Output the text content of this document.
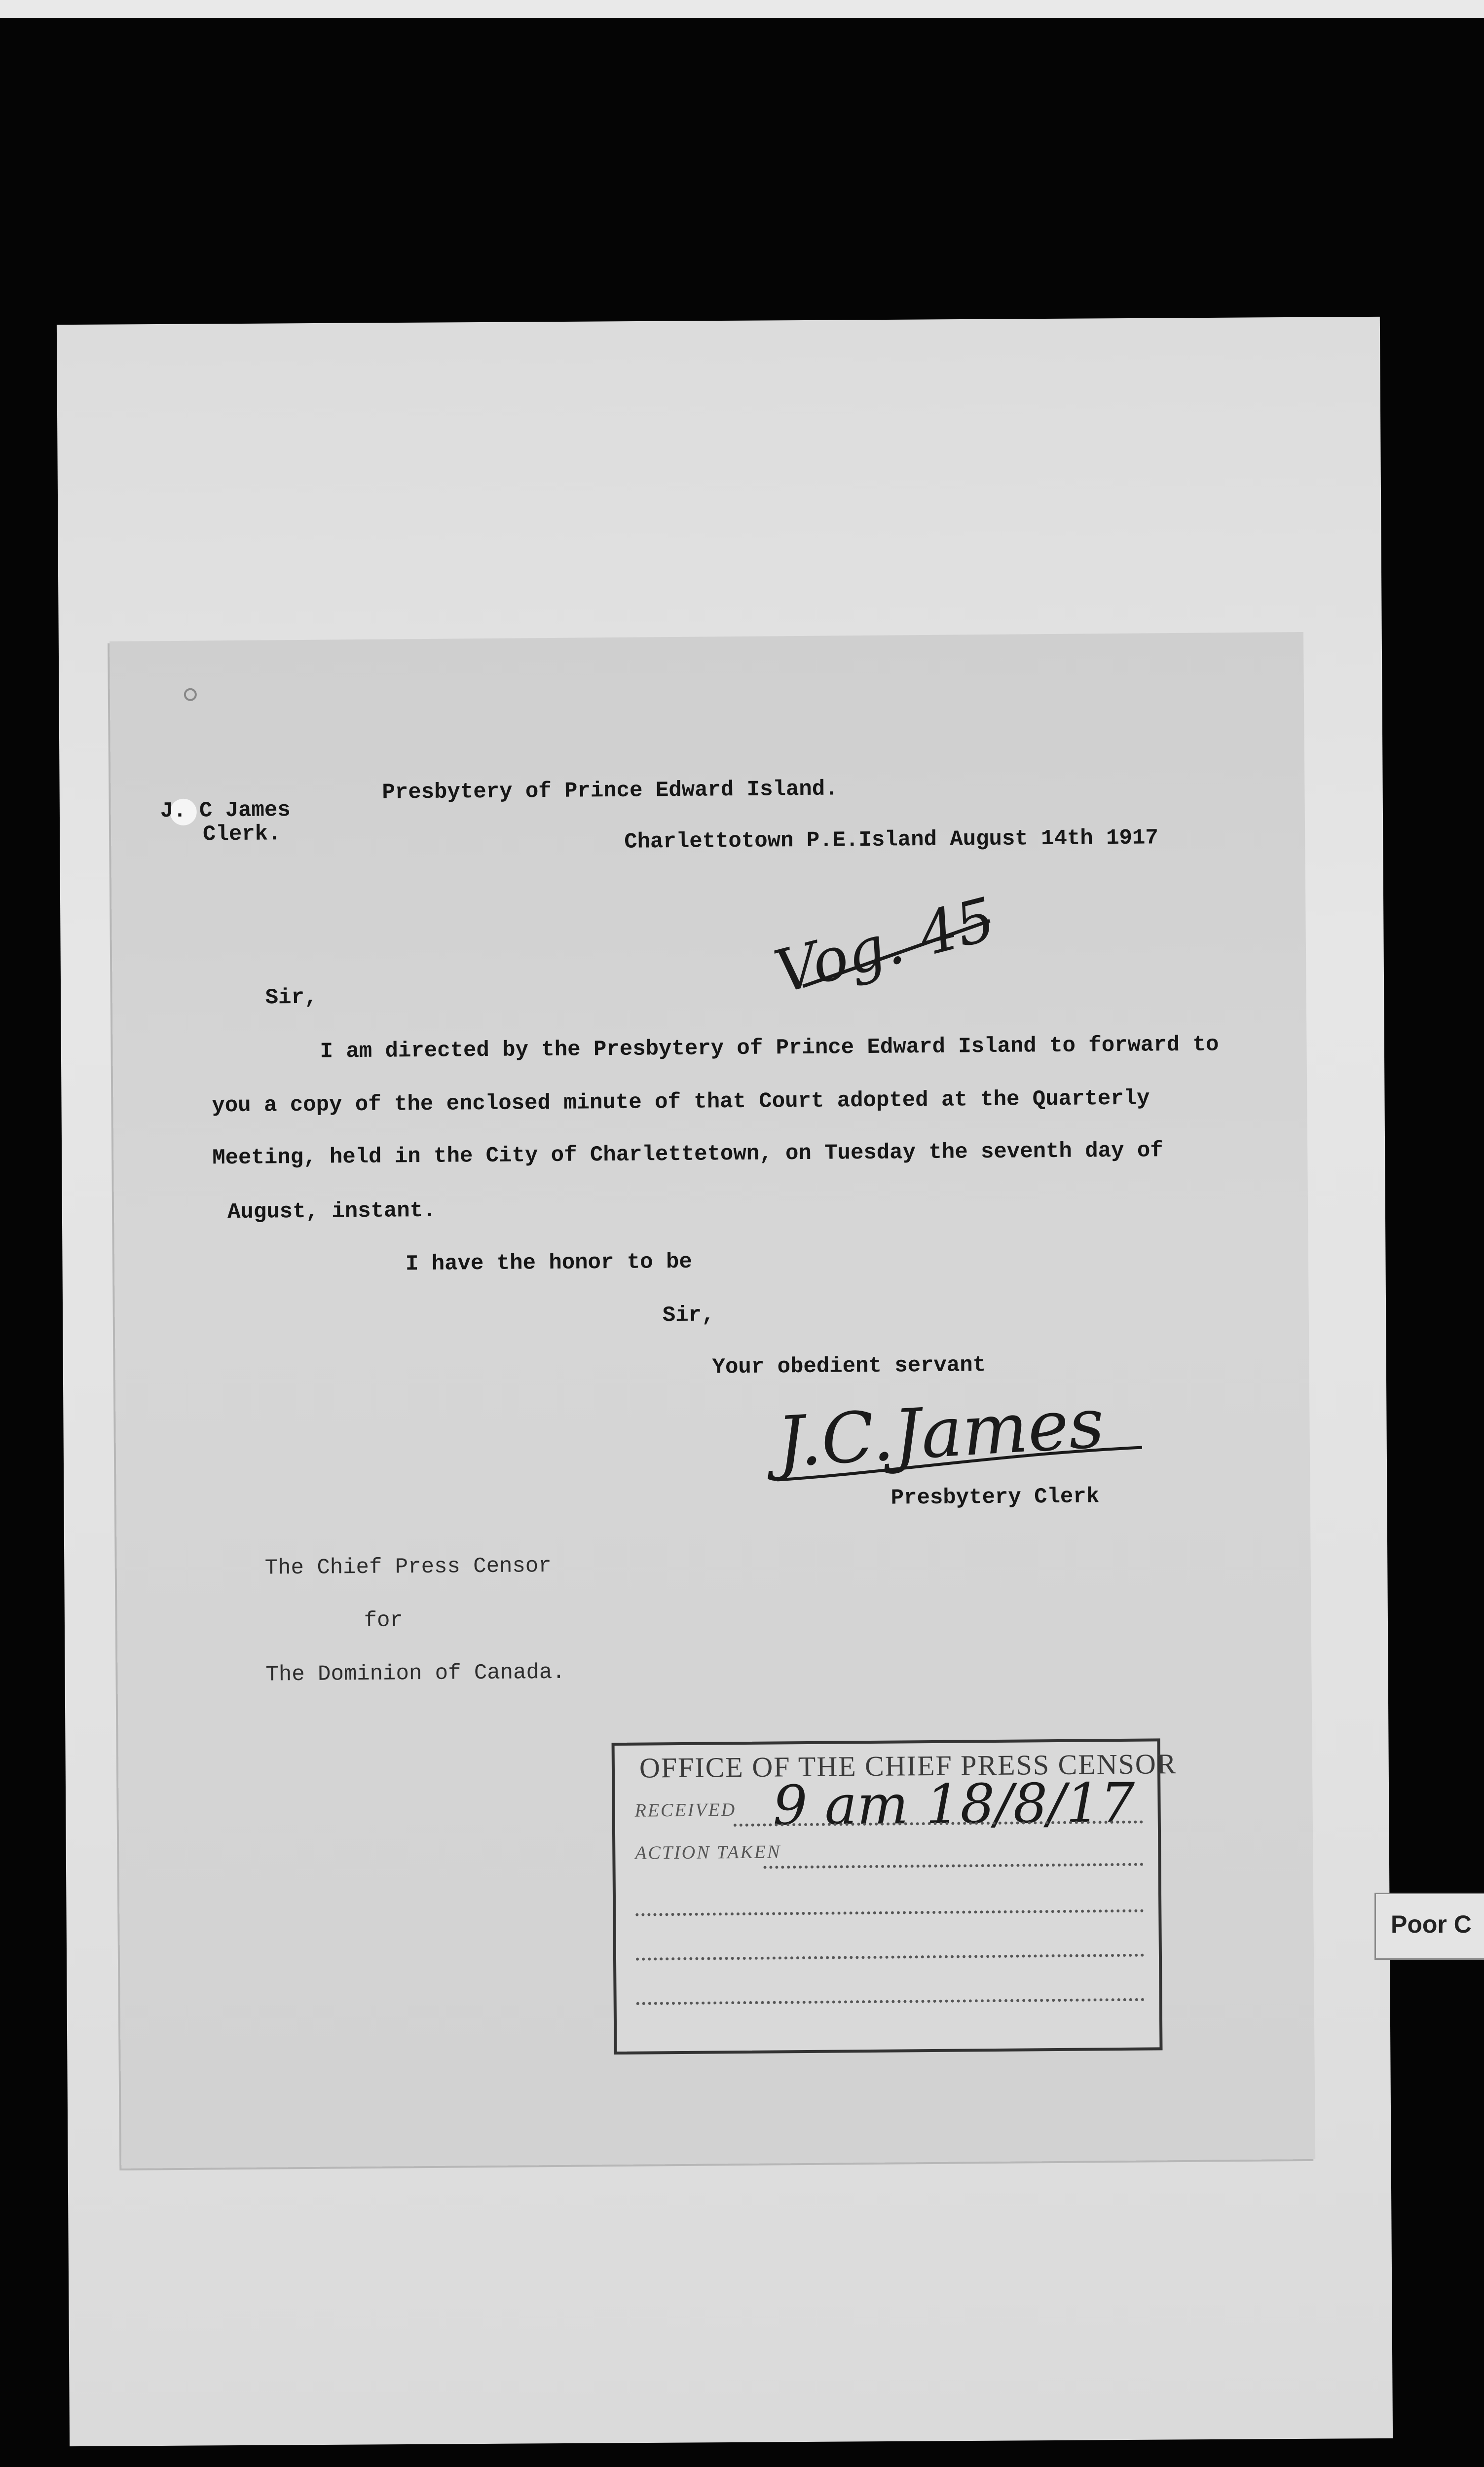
Poor C
Presbytery of Prince Edward Island.
J. C James
Clerk.	Charlettotown P.E.Island August 14th 1917
Vog. 45
Sir,
I am directed by the Presbytery of Prince Edward Island to forward to
you a copy of the enclosed minute of that Court adopted at the Quarterly
Meeting, held in the City of Charlettetown, on Tuesday the seventh day of
August, instant.
I have the honor to be
Sir,
Your obedient servant
J.C.James
Presbytery Clerk
The Chief Press Censor
for
The Dominion of Canada.
OFFICE OF THE CHIEF PRESS CENSOR
RECEIVED 9 am 18/8/17
ACTION TAKEN
